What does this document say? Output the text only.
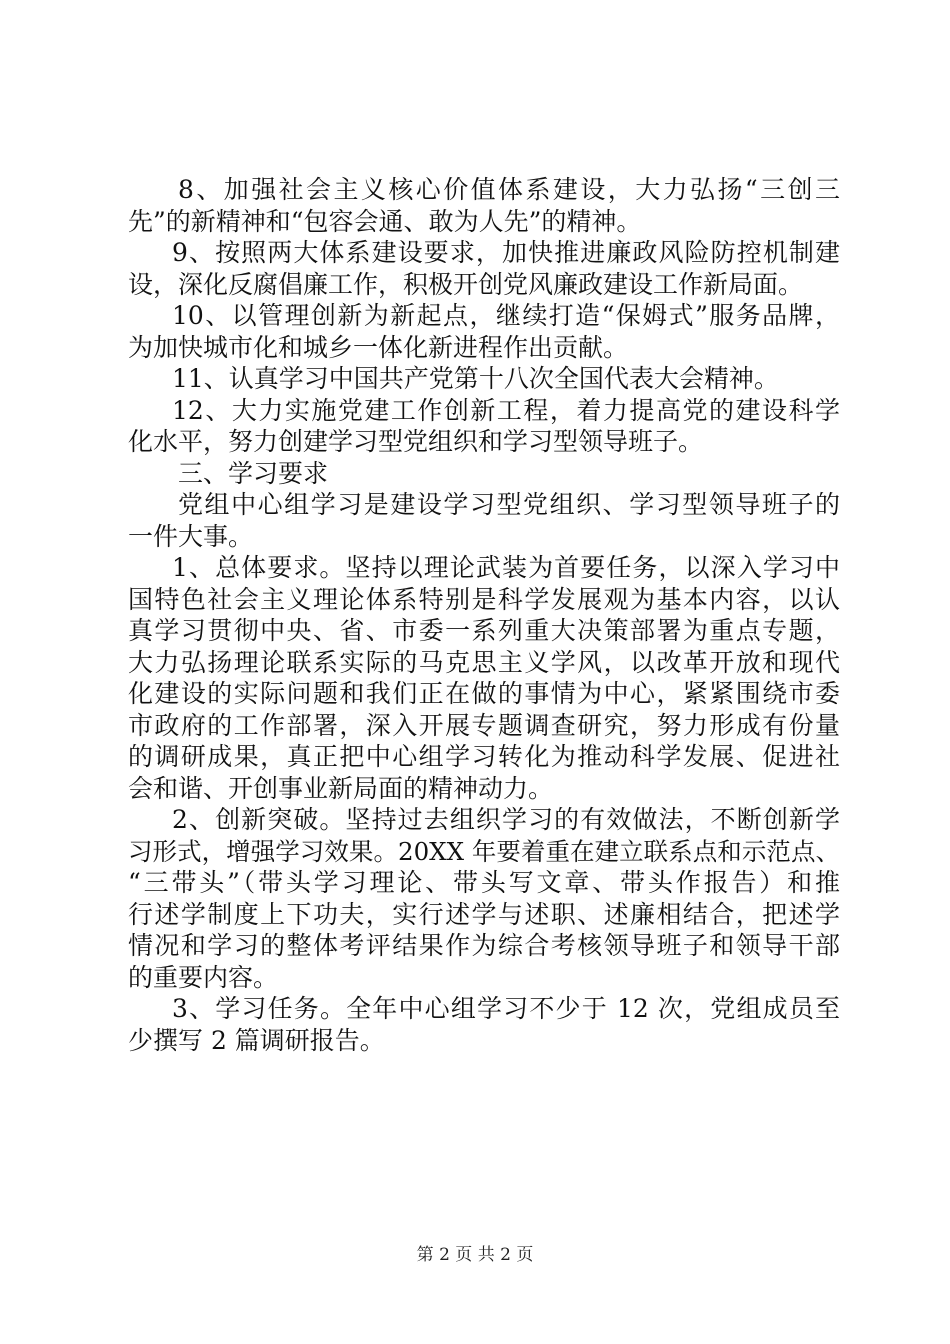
8、加强社会主义核心价值体系建设，大力弘扬“三创三
先”的新精神和“包容会通、敢为人先”的精神。
9、按照两大体系建设要求，加快推进廉政风险防控机制建
设，深化反腐倡廉工作，积极开创党风廉政建设工作新局面。
10、以管理创新为新起点，继续打造“保姆式”服务品牌，
为加快城市化和城乡一体化新进程作出贡献。
11、认真学习中国共产党第十八次全国代表大会精神。
12、大力实施党建工作创新工程，着力提高党的建设科学
化水平，努力创建学习型党组织和学习型领导班子。
三、学习要求
党组中心组学习是建设学习型党组织、学习型领导班子的
一件大事。
1、总体要求。坚持以理论武装为首要任务，以深入学习中
国特色社会主义理论体系特别是科学发展观为基本内容，以认
真学习贯彻中央、省、市委一系列重大决策部署为重点专题，
大力弘扬理论联系实际的马克思主义学风，以改革开放和现代
化建设的实际问题和我们正在做的事情为中心，紧紧围绕市委
市政府的工作部署，深入开展专题调查研究，努力形成有份量
的调研成果，真正把中心组学习转化为推动科学发展、促进社
会和谐、开创事业新局面的精神动力。
2、创新突破。坚持过去组织学习的有效做法，不断创新学
习形式，增强学习效果。20XX 年要着重在建立联系点和示范点、
“三带头”（带头学习理论、带头写文章、带头作报告）和推
行述学制度上下功夫，实行述学与述职、述廉相结合，把述学
情况和学习的整体考评结果作为综合考核领导班子和领导干部
的重要内容。
3、学习任务。全年中心组学习不少于 12 次，党组成员至
少撰写 2 篇调研报告。
第 2 页 共 2 页
